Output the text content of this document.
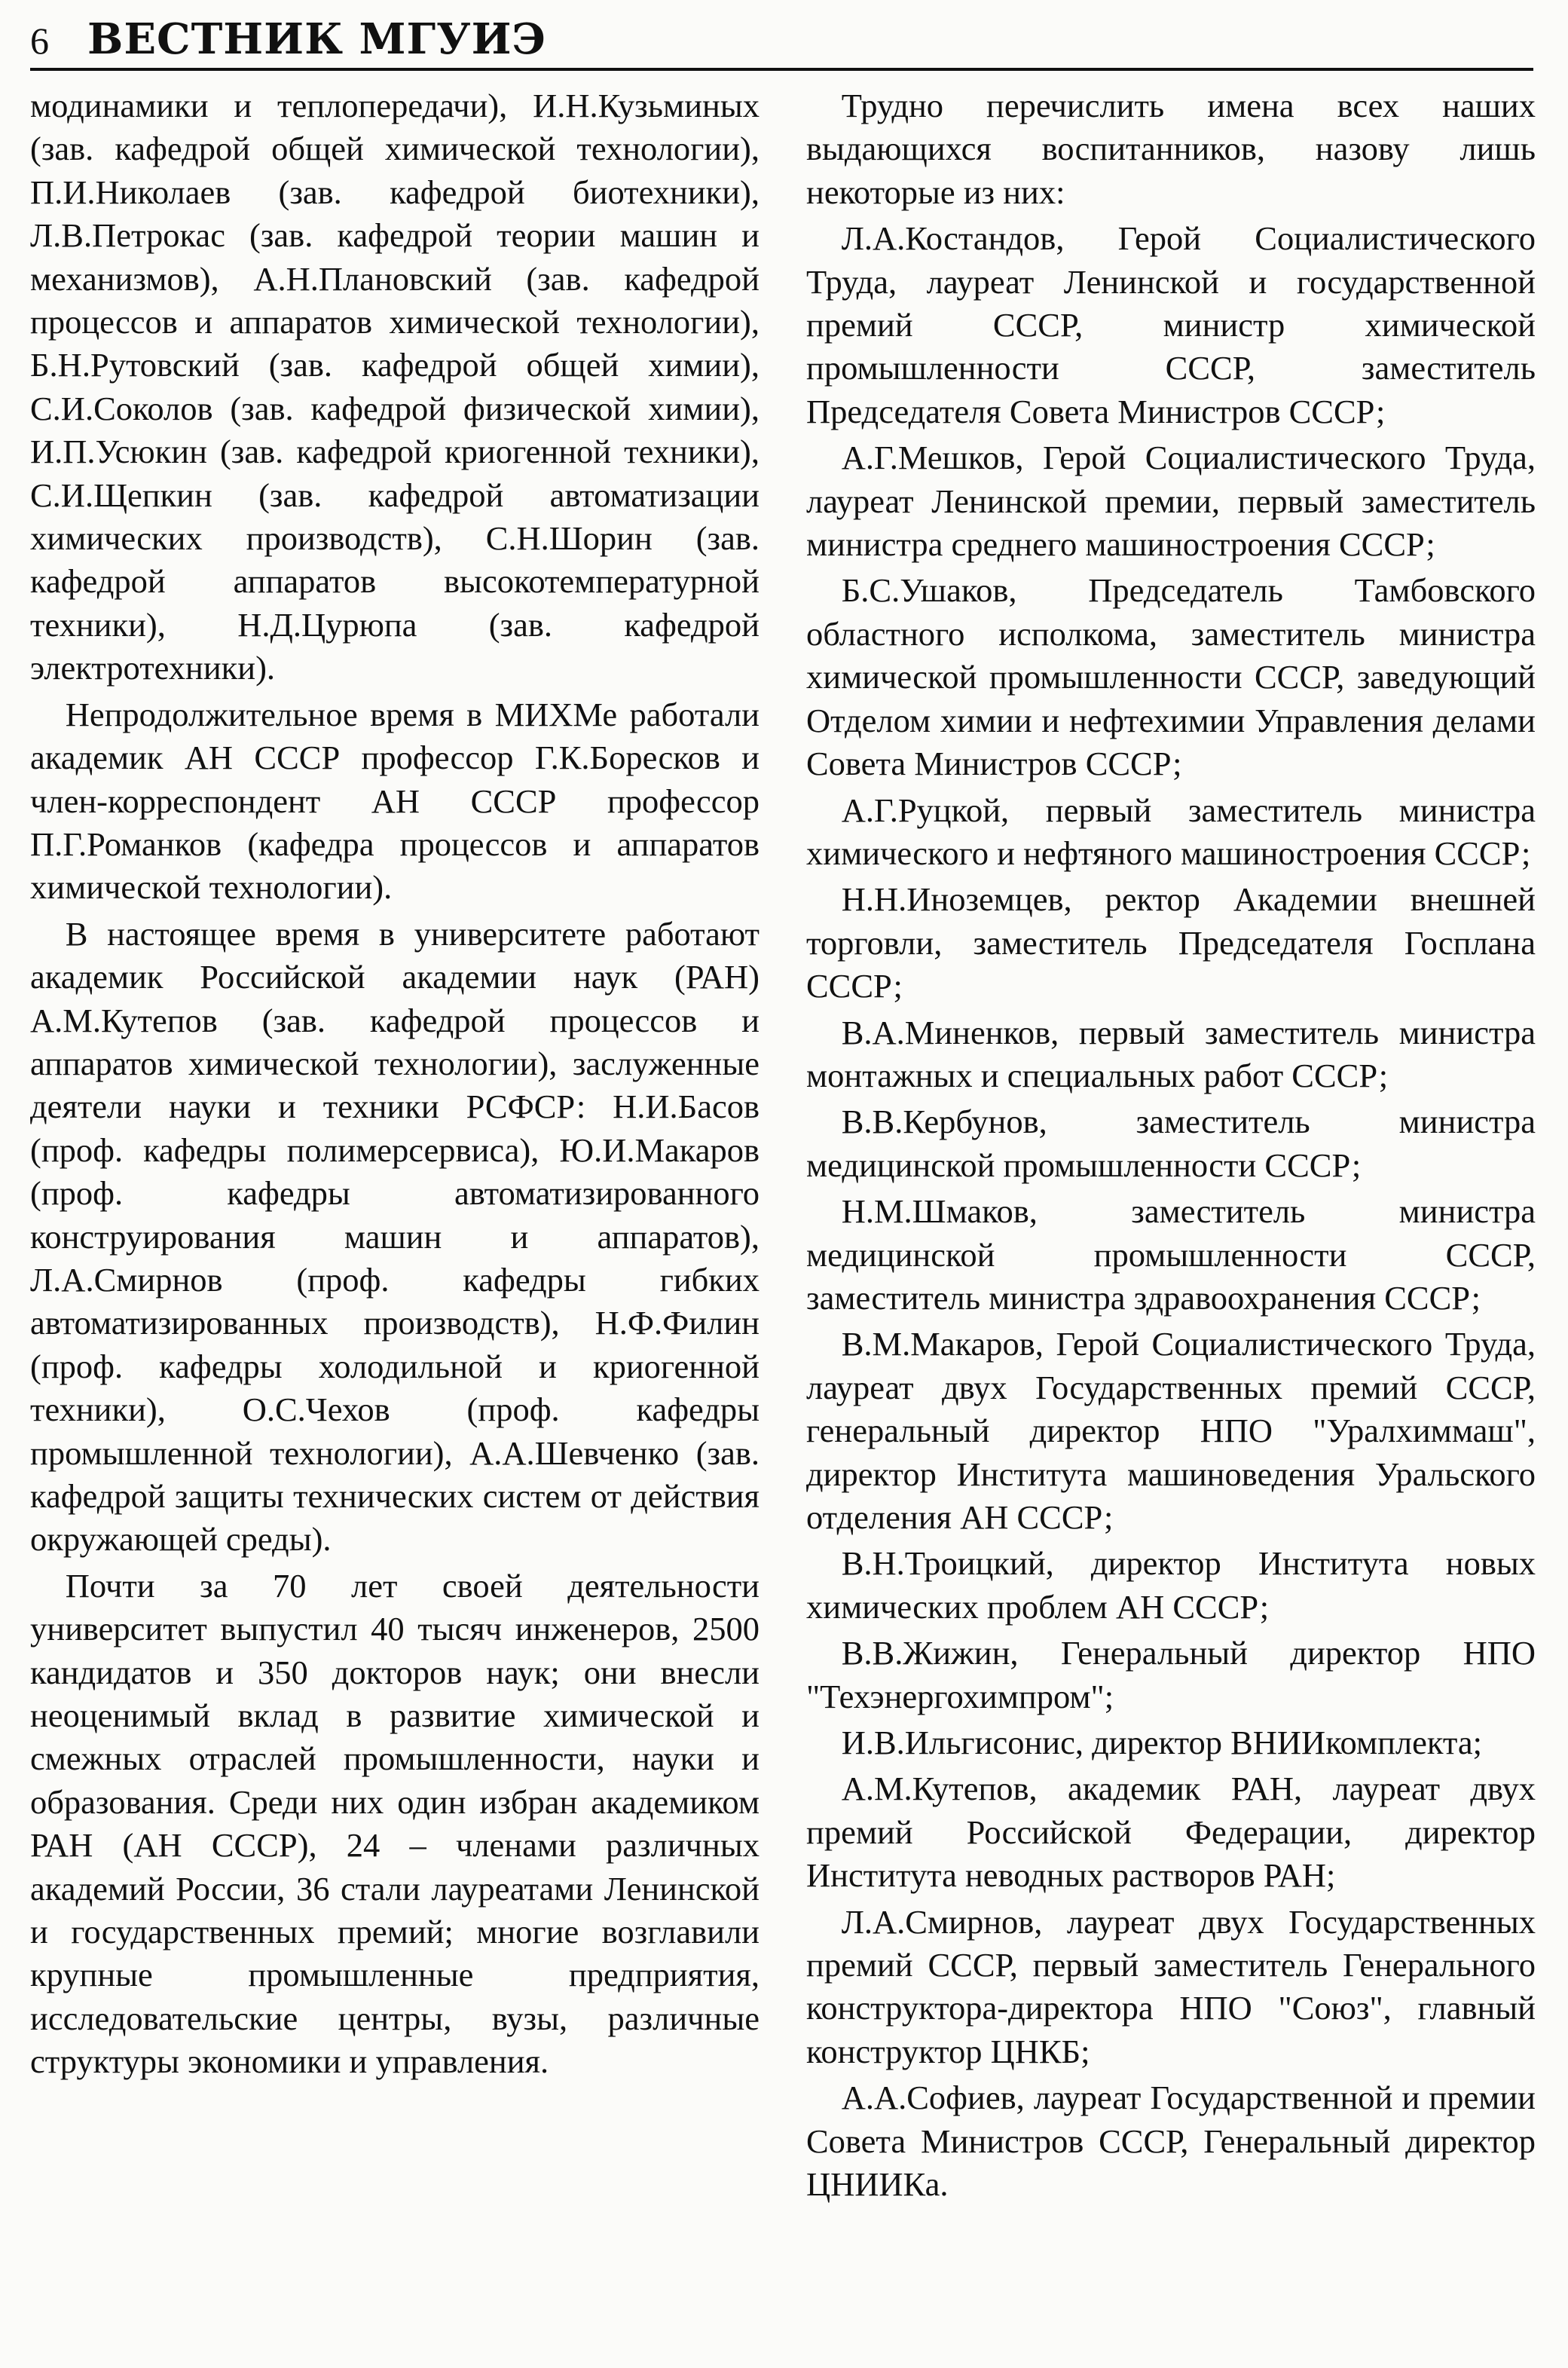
6 ВЕСТНИК МГУИЭ

модинамики и теплопередачи), И.Н.Кузьминых (зав. кафедрой общей химической технологии), П.И.Николаев (зав. кафедрой биотехники), Л.В.Петрокас (зав. кафедрой теории машин и механизмов), А.Н.Плановский (зав. кафедрой процессов и аппаратов химической технологии), Б.Н.Рутовский (зав. кафедрой общей химии), С.И.Соколов (зав. кафедрой физической химии), И.П.Усюкин (зав. кафедрой криогенной техники), С.И.Щепкин (зав. кафедрой автоматизации химических производств), С.Н.Шорин (зав. кафедрой аппаратов высокотемпературной техники), Н.Д.Цурюпа (зав. кафедрой электротехники).

Непродолжительное время в МИХМе работали академик АН СССР профессор Г.К.Боресков и член-корреспондент АН СССР профессор П.Г.Романков (кафедра процессов и аппаратов химической технологии).

В настоящее время в университете работают академик Российской академии наук (РАН) А.М.Кутепов (зав. кафедрой процессов и аппаратов химической технологии), заслуженные деятели науки и техники РСФСР: Н.И.Басов (проф. кафедры полимерсервиса), Ю.И.Макаров (проф. кафедры автоматизированного конструирования машин и аппаратов), Л.А.Смирнов (проф. кафедры гибких автоматизированных производств), Н.Ф.Филин (проф. кафедры холодильной и криогенной техники), О.С.Чехов (проф. кафедры промышленной технологии), А.А.Шевченко (зав. кафедрой защиты технических систем от действия окружающей среды).

Почти за 70 лет своей деятельности университет выпустил 40 тысяч инженеров, 2500 кандидатов и 350 докторов наук; они внесли неоценимый вклад в развитие химической и смежных отраслей промышленности, науки и образования. Среди них один избран академиком РАН (АН СССР), 24 – членами различных академий России, 36 стали лауреатами Ленинской и государственных премий; многие возглавили крупные промышленные предприятия, исследовательские центры, вузы, различные структуры экономики и управления.

Трудно перечислить имена всех наших выдающихся воспитанников, назову лишь некоторые из них:

Л.А.Костандов, Герой Социалистического Труда, лауреат Ленинской и государственной премий СССР, министр химической промышленности СССР, заместитель Председателя Совета Министров СССР;

А.Г.Мешков, Герой Социалистического Труда, лауреат Ленинской премии, первый заместитель министра среднего машиностроения СССР;

Б.С.Ушаков, Председатель Тамбовского областного исполкома, заместитель министра химической промышленности СССР, заведующий Отделом химии и нефтехимии Управления делами Совета Министров СССР;

А.Г.Руцкой, первый заместитель министра химического и нефтяного машиностроения СССР;

Н.Н.Иноземцев, ректор Академии внешней торговли, заместитель Председателя Госплана СССР;

В.А.Миненков, первый заместитель министра монтажных и специальных работ СССР;

В.В.Кербунов, заместитель министра медицинской промышленности СССР;

Н.М.Шмаков, заместитель министра медицинской промышленности СССР, заместитель министра здравоохранения СССР;

В.М.Макаров, Герой Социалистического Труда, лауреат двух Государственных премий СССР, генеральный директор НПО "Уралхиммаш", директор Института машиноведения Уральского отделения АН СССР;

В.Н.Троицкий, директор Института новых химических проблем АН СССР;

В.В.Жижин, Генеральный директор НПО "Техэнергохимпром";

И.В.Ильгисонис, директор ВНИИкомплекта;

А.М.Кутепов, академик РАН, лауреат двух премий Российской Федерации, директор Института неводных растворов РАН;

Л.А.Смирнов, лауреат двух Государственных премий СССР, первый заместитель Генерального конструктора-директора НПО "Союз", главный конструктор ЦНКБ;

А.А.Софиев, лауреат Государственной и премии Совета Министров СССР, Генеральный директор ЦНИИКа.
